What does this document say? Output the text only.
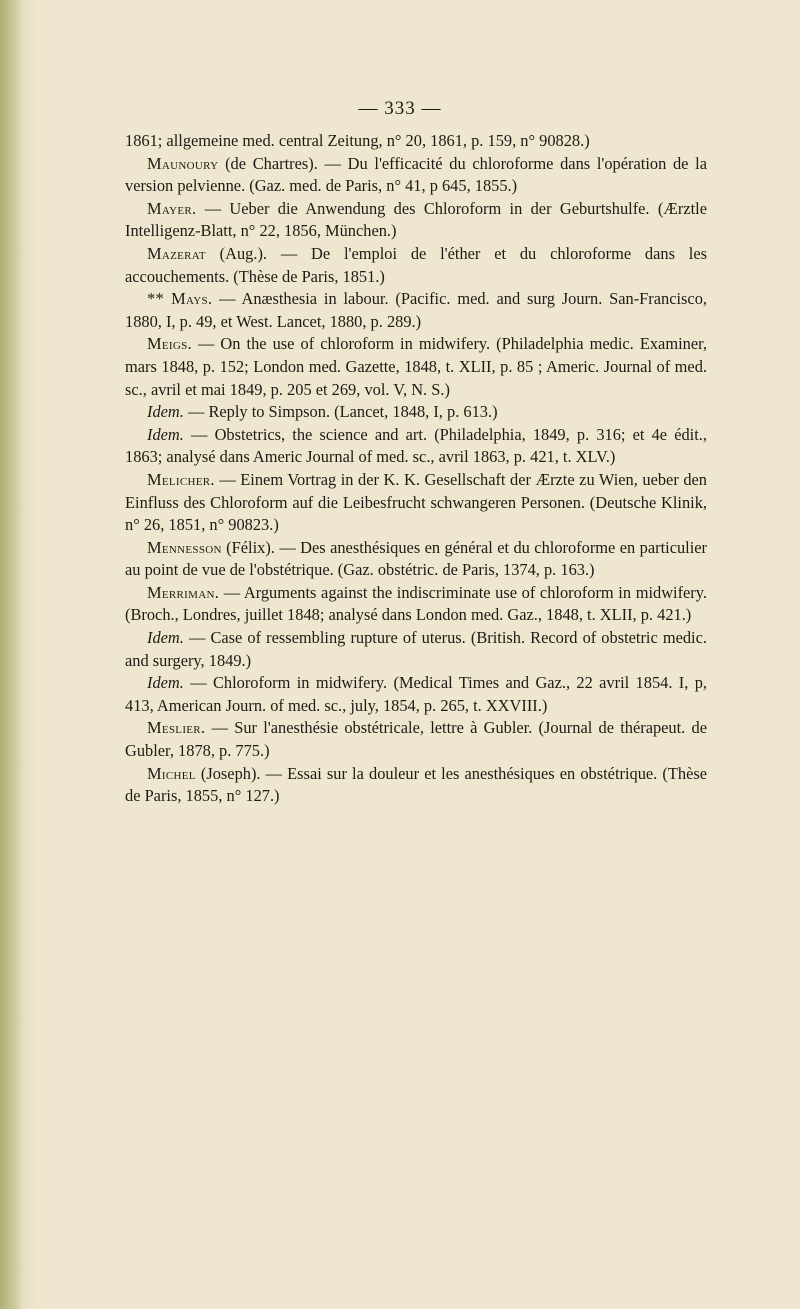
— 333 —

1861; allgemeine med. central Zeitung, n° 20, 1861, p. 159, n° 90828.)

Maunoury (de Chartres). — Du l'efficacité du chloroforme dans l'opération de la version pelvienne. (Gaz. med. de Paris, n° 41, p 645, 1855.)

Mayer. — Ueber die Anwendung des Chloroform in der Geburtshulfe. (Ærztle Intelligenz-Blatt, n° 22, 1856, München.)

Mazerat (Aug.). — De l'emploi de l'éther et du chloroforme dans les accouchements. (Thèse de Paris, 1851.)

** Mays. — Anæsthesia in labour. (Pacific. med. and surg Journ. San-Francisco, 1880, I, p. 49, et West. Lancet, 1880, p. 289.)

Meigs. — On the use of chloroform in midwifery. (Philadelphia medic. Examiner, mars 1848, p. 152; London med. Gazette, 1848, t. XLII, p. 85 ; Americ. Journal of med. sc., avril et mai 1849, p. 205 et 269, vol. V, N. S.)

Idem. — Reply to Simpson. (Lancet, 1848, I, p. 613.)

Idem. — Obstetrics, the science and art. (Philadelphia, 1849, p. 316; et 4e édit., 1863; analysé dans Americ Journal of med. sc., avril 1863, p. 421, t. XLV.)

Melicher. — Einem Vortrag in der K. K. Gesellschaft der Ærzte zu Wien, ueber den Einfluss des Chloroform auf die Leibesfrucht schwangeren Personen. (Deutsche Klinik, n° 26, 1851, n° 90823.)

Mennesson (Félix). — Des anesthésiques en général et du chloroforme en particulier au point de vue de l'obstétrique. (Gaz. obstétric. de Paris, 1374, p. 163.)

Merriman. — Arguments against the indiscriminate use of chloroform in midwifery. (Broch., Londres, juillet 1848; analysé dans London med. Gaz., 1848, t. XLII, p. 421.)

Idem. — Case of ressembling rupture of uterus. (British. Record of obstetric medic. and surgery, 1849.)

Idem. — Chloroform in midwifery. (Medical Times and Gaz., 22 avril 1854. I, p, 413, American Journ. of med. sc., july, 1854, p. 265, t. XXVIII.)

Meslier. — Sur l'anesthésie obstétricale, lettre à Gubler. (Journal de thérapeut. de Gubler, 1878, p. 775.)

Michel (Joseph). — Essai sur la douleur et les anesthésiques en obstétrique. (Thèse de Paris, 1855, n° 127.)
